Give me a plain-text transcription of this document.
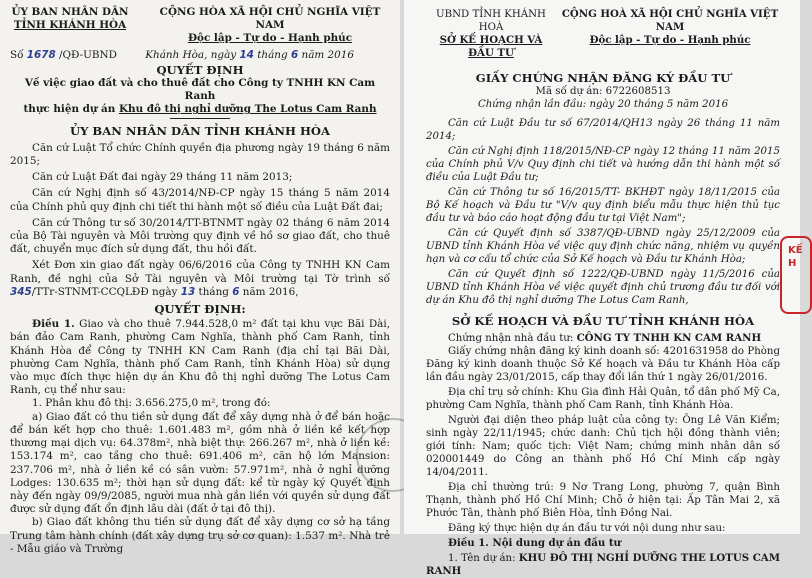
ỦY BAN NHÂN DÂN
TỈNH KHÁNH HÒA
CỘNG HÒA XÃ HỘI CHỦ NGHĨA VIỆT NAM
Độc lập - Tự do - Hạnh phúc
Số 1678 /QĐ-UBND	Khánh Hòa, ngày 14 tháng 6 năm 2016
QUYẾT ĐỊNH
Về việc giao đất và cho thuê đất cho Công ty TNHH KN Cam Ranh
thực hiện dự án Khu đô thị nghỉ dưỡng The Lotus Cam Ranh
ỦY BAN NHÂN DÂN TỈNH KHÁNH HÒA

Căn cứ Luật Tổ chức Chính quyền địa phương ngày 19 tháng 6 năm 2015;

Căn cứ Luật Đất đai ngày 29 tháng 11 năm 2013;

Căn cứ Nghị định số 43/2014/NĐ-CP ngày 15 tháng 5 năm 2014 của Chính phủ quy định chi tiết thi hành một số điều của Luật Đất đai;

Căn cứ Thông tư số 30/2014/TT-BTNMT ngày 02 tháng 6 năm 2014 của Bộ Tài nguyên và Môi trường quy định về hồ sơ giao đất, cho thuê đất, chuyển mục đích sử dụng đất, thu hồi đất.

Xét Đơn xin giao đất ngày 06/6/2016 của Công ty TNHH KN Cam Ranh, đề nghị của Sở Tài nguyên và Môi trường tại Tờ trình số 345/TTr-STNMT-CCQLĐĐ ngày 13 tháng 6 năm 2016,

QUYẾT ĐỊNH:

Điều 1. Giao và cho thuê 7.944.528,0 m² đất tại khu vực Bãi Dài, bán đảo Cam Ranh, phường Cam Nghĩa, thành phố Cam Ranh, tỉnh Khánh Hòa để Công ty TNHH KN Cam Ranh (địa chỉ tại Bãi Dài, phường Cam Nghĩa, thành phố Cam Ranh, tỉnh Khánh Hòa) sử dụng vào mục đích thực hiện dự án Khu đô thị nghỉ dưỡng The Lotus Cam Ranh, cụ thể như sau:

1. Phân khu đô thị: 3.656.275,0 m², trong đó:

a) Giao đất có thu tiền sử dụng đất để xây dựng nhà ở để bán hoặc để bán kết hợp cho thuê: 1.601.483 m², gồm nhà ở liền kề kết hợp thương mại dịch vụ: 64.378m², nhà biệt thự: 266.267 m², nhà ở liền kề: 153.174 m², cao tầng cho thuê: 691.406 m², căn hộ lớn Mansion: 237.706 m², nhà ở liền kề có sân vườn: 57.971m², nhà ở nghỉ dưỡng Lodges: 130.635 m²; thời hạn sử dụng đất: kể từ ngày ký Quyết định này đến ngày 09/9/2085, người mua nhà gắn liền với quyền sử dụng đất được sử dụng đất ổn định lâu dài (đất ở tại đô thị).

b) Giao đất không thu tiền sử dụng đất để xây dựng cơ sở hạ tầng Trung tâm hành chính (đất xây dựng trụ sở cơ quan): 1.537 m². Nhà trẻ - Mẫu giáo và Trường

UBND TỈNH KHÁNH HOÀ
SỞ KẾ HOẠCH VÀ ĐẦU TƯ
CỘNG HOÀ XÃ HỘI CHỦ NGHĨA VIỆT NAM
Độc lập - Tự do - Hạnh phúc
GIẤY CHỨNG NHẬN ĐĂNG KÝ ĐẦU TƯ
Mã số dự án: 6722608513
Chứng nhận lần đầu: ngày 20 tháng 5 năm 2016

Căn cứ Luật Đầu tư số 67/2014/QH13 ngày 26 tháng 11 năm 2014;

Căn cứ Nghị định 118/2015/NĐ-CP ngày 12 tháng 11 năm 2015 của Chính phủ V/v Quy định chi tiết và hướng dẫn thi hành một số điều của Luật Đầu tư;

Căn cứ Thông tư số 16/2015/TT- BKHĐT ngày 18/11/2015 của Bộ Kế hoạch và Đầu tư "V/v quy định biểu mẫu thực hiện thủ tục đầu tư và báo cáo hoạt động đầu tư tại Việt Nam";

Căn cứ Quyết định số 3387/QĐ-UBND ngày 25/12/2009 của UBND tỉnh Khánh Hòa về việc quy định chức năng, nhiệm vụ quyền hạn và cơ cấu tổ chức của Sở Kế hoạch và Đầu tư Khánh Hòa;

Căn cứ Quyết định số 1222/QĐ-UBND ngày 11/5/2016 của UBND tỉnh Khánh Hòa về việc quyết định chủ trương đầu tư đối với dự án Khu đô thị nghỉ dưỡng The Lotus Cam Ranh,

SỞ KẾ HOẠCH VÀ ĐẦU TƯ TỈNH KHÁNH HÒA

Chứng nhận nhà đầu tư: CÔNG TY TNHH KN CAM RANH

Giấy chứng nhận đăng ký kinh doanh số: 4201631958 do Phòng Đăng ký kinh doanh thuộc Sở Kế hoạch và Đầu tư Khánh Hòa cấp lần đầu ngày 23/01/2015, cấp thay đổi lần thứ 1 ngày 26/01/2016.

Địa chỉ trụ sở chính: Khu Gia đình Hải Quân, tổ dân phố Mỹ Ca, phường Cam Nghĩa, thành phố Cam Ranh, tỉnh Khánh Hòa.

Người đại diện theo pháp luật của công ty: Ông Lê Văn Kiểm; sinh ngày 22/11/1945; chức danh: Chủ tịch hội đồng thành viên; giới tính: Nam; quốc tịch: Việt Nam; chứng minh nhân dân số 020001449 do Công an thành phố Hồ Chí Minh cấp ngày 14/04/2011.

Địa chỉ thường trú: 9 Nơ Trang Long, phường 7, quận Bình Thạnh, thành phố Hồ Chí Minh; Chỗ ở hiện tại: Ấp Tân Mai 2, xã Phước Tân, thành phố Biên Hòa, tỉnh Đồng Nai.

Đăng ký thực hiện dự án đầu tư với nội dung như sau:

Điều 1. Nội dung dự án đầu tư

1. Tên dự án: KHU ĐÔ THỊ NGHỈ DƯỠNG THE LOTUS CAM RANH

KẾ H
